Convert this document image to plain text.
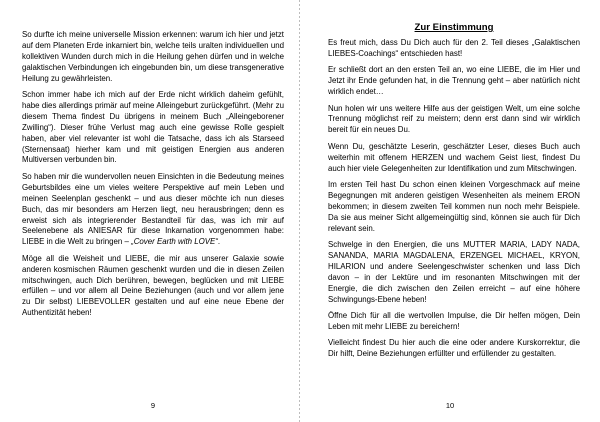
So durfte ich meine universelle Mission erkennen: warum ich hier und jetzt auf dem Planeten Erde inkarniert bin, welche teils uralten individuellen und kollektiven Wunden durch mich in die Heilung gehen dürfen und in welche galaktischen Verbindungen ich eingebunden bin, um diese transgenerative Heilung zu gewährleisten.

Schon immer habe ich mich auf der Erde nicht wirklich daheim gefühlt, habe dies allerdings primär auf meine Alleingeburt zurückgeführt. (Mehr zu diesem Thema findest Du übrigens in meinem Buch „Alleingeborener Zwilling“). Dieser frühe Verlust mag auch eine gewisse Rolle gespielt haben, aber viel relevanter ist wohl die Tatsache, dass ich als Starseed (Sternensaat) hierher kam und mit geistigen Energien aus anderen Multiversen verbunden bin.

So haben mir die wundervollen neuen Einsichten in die Bedeutung meines Geburtsbildes eine um vieles weitere Perspektive auf mein Leben und meinen Seelenplan geschenkt – und aus dieser möchte ich nun dieses Buch, das mir besonders am Herzen liegt, neu herausbringen; denn es erweist sich als integrierender Bestandteil für das, was ich mir auf Seelenebene als ANIESAR für diese Inkarnation vorgenommen habe: LIEBE in die Welt zu bringen – „Cover Earth with LOVE“.

Möge all die Weisheit und LIEBE, die mir aus unserer Galaxie sowie anderen kosmischen Räumen geschenkt wurden und die in diesen Zeilen mitschwingen, auch Dich berühren, bewegen, beglücken und mit LIEBE erfüllen – und vor allem all Deine Beziehungen (auch und vor allem jene zu Dir selbst) LIEBEVOLLER gestalten und auf eine neue Ebene der Authentizität heben!

9
Zur Einstimmung

Es freut mich, dass Du Dich auch für den 2. Teil dieses „Galaktischen LIEBES-Coachings“ entschieden hast!

Er schließt dort an den ersten Teil an, wo eine LIEBE, die im Hier und Jetzt ihr Ende gefunden hat, in die Trennung geht – aber natürlich nicht wirklich endet…

Nun holen wir uns weitere Hilfe aus der geistigen Welt, um eine solche Trennung möglichst reif zu meistern; denn erst dann sind wir wirklich bereit für ein neues Du.

Wenn Du, geschätzte Leserin, geschätzter Leser, dieses Buch auch weiterhin mit offenem HERZEN und wachem Geist liest, findest Du auch hier viele Gelegenheiten zur Identifikation und zum Mitschwingen.

Im ersten Teil hast Du schon einen kleinen Vorgeschmack auf meine Begegnungen mit anderen geistigen Wesenheiten als meinem ERON bekommen; in diesem zweiten Teil kommen nun noch mehr Beispiele. Da sie aus meiner Sicht allgemeingültig sind, können sie auch für Dich relevant sein.

Schwelge in den Energien, die uns MUTTER MARIA, LADY NADA, SANANDA, MARIA MAGDALENA, ERZENGEL MICHAEL, KRYON, HILARION und andere Seelengeschwister schenken und lass Dich davon – in der Lektüre und im resonanten Mitschwingen mit der Energie, die dich zwischen den Zeilen erreicht – auf eine höhere Schwingungs-Ebene heben!

Öffne Dich für all die wertvollen Impulse, die Dir helfen mögen, Dein Leben mit mehr LIEBE zu bereichern!

Vielleicht findest Du hier auch die eine oder andere Kurskorrektur, die Dir hilft, Deine Beziehungen erfüllter und erfüllender zu gestalten.

10
